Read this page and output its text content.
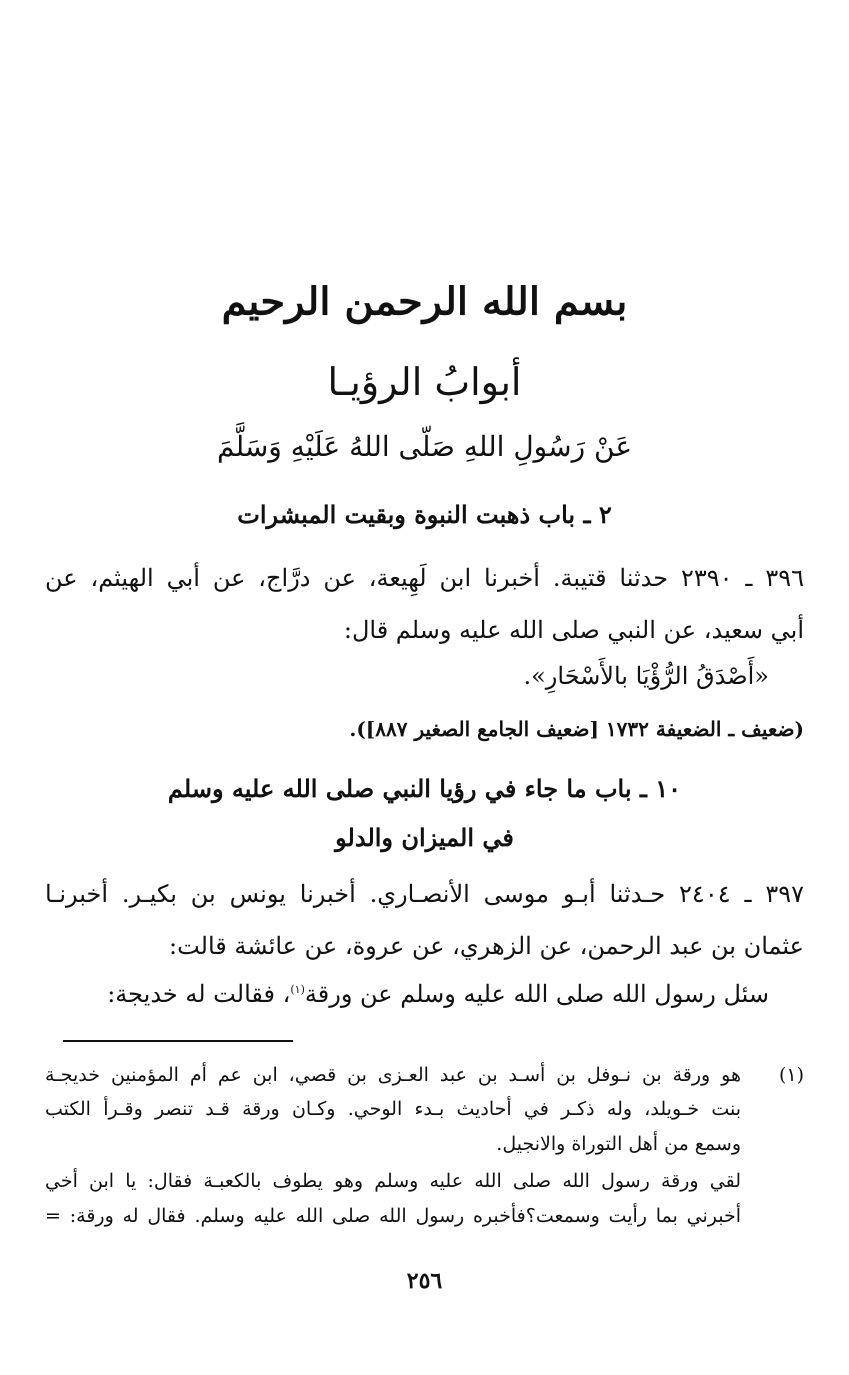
بسم الله الرحمن الرحيم
أبوابُ الرؤيـا
عَنْ رَسُولِ اللهِ صَلّى اللهُ عَلَيْهِ وَسَلَّمَ
٢ ـ باب ذهبت النبوة وبقيت المبشرات
٣٩٦ ـ ٢٣٩٠ حدثنا قتيبة. أخبرنا ابن لَهِيعة، عن درَّاج، عن أبي الهيثم، عن
أبي سعيد، عن النبي صلى الله عليه وسلم قال:
«أَصْدَقُ الرُّؤْيَا بالأَسْحَارِ».
(ضعيف ـ الضعيفة ١٧٣٢ [ضعيف الجامع الصغير ٨٨٧]).
١٠ ـ باب ما جاء في رؤيا النبي صلى الله عليه وسلم
في الميزان والدلو
٣٩٧ ـ ٢٤٠٤ حـدثنا أبـو موسى الأنصـاري. أخبرنا يونس بن بكيـر. أخبرنـا
عثمان بن عبد الرحمن، عن الزهري، عن عروة، عن عائشة قالت:
سئل رسول الله صلى الله عليه وسلم عن ورقة$^{(١)}$، فقالت له خديجة:
(١)
هو ورقة بن نـوفل بن أسـد بن عبد العـزى بن قصي، ابن عم أم المؤمنين خديجـة
بنت خـويلد، وله ذكـر في أحاديث بـدء الوحي. وكـان ورقة قـد تنصر وقـرأ الكتب
وسمع من أهل التوراة والانجيل.
لقي ورقة رسول الله صلى الله عليه وسلم وهو يطوف بالكعبـة فقال: يا ابن أخي
أخبرني بما رأيت وسمعت؟فأخبره رسول الله صلى الله عليه وسلم. فقال له ورقة: =
٢٥٦
